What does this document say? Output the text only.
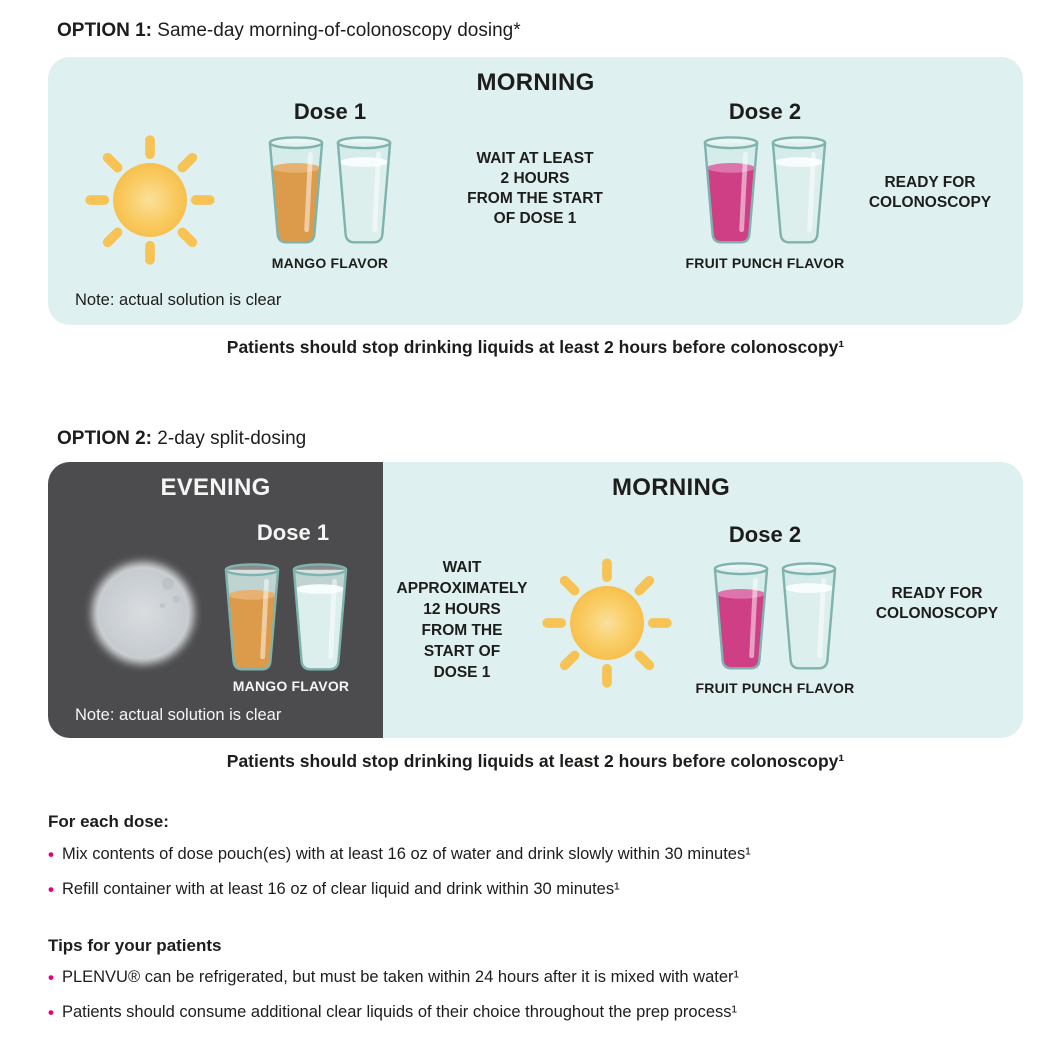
OPTION 1: Same-day morning-of-colonoscopy dosing*
MORNING
Dose 1
MANGO FLAVOR
WAIT AT LEAST
2 HOURS
FROM THE START
OF DOSE 1
Dose 2
FRUIT PUNCH FLAVOR
READY FOR
COLONOSCOPY
Note: actual solution is clear

Patients should stop drinking liquids at least 2 hours before colonoscopy¹

OPTION 2: 2-day split-dosing
EVENING
Dose 1
MANGO FLAVOR
Note: actual solution is clear
MORNING
WAIT
APPROXIMATELY
12 HOURS
FROM THE
START OF
DOSE 1
Dose 2
FRUIT PUNCH FLAVOR
READY FOR
COLONOSCOPY

Patients should stop drinking liquids at least 2 hours before colonoscopy¹

For each dose:
• Mix contents of dose pouch(es) with at least 16 oz of water and drink slowly within 30 minutes¹
• Refill container with at least 16 oz of clear liquid and drink within 30 minutes¹
Tips for your patients
• PLENVU® can be refrigerated, but must be taken within 24 hours after it is mixed with water¹
• Patients should consume additional clear liquids of their choice throughout the prep process¹
